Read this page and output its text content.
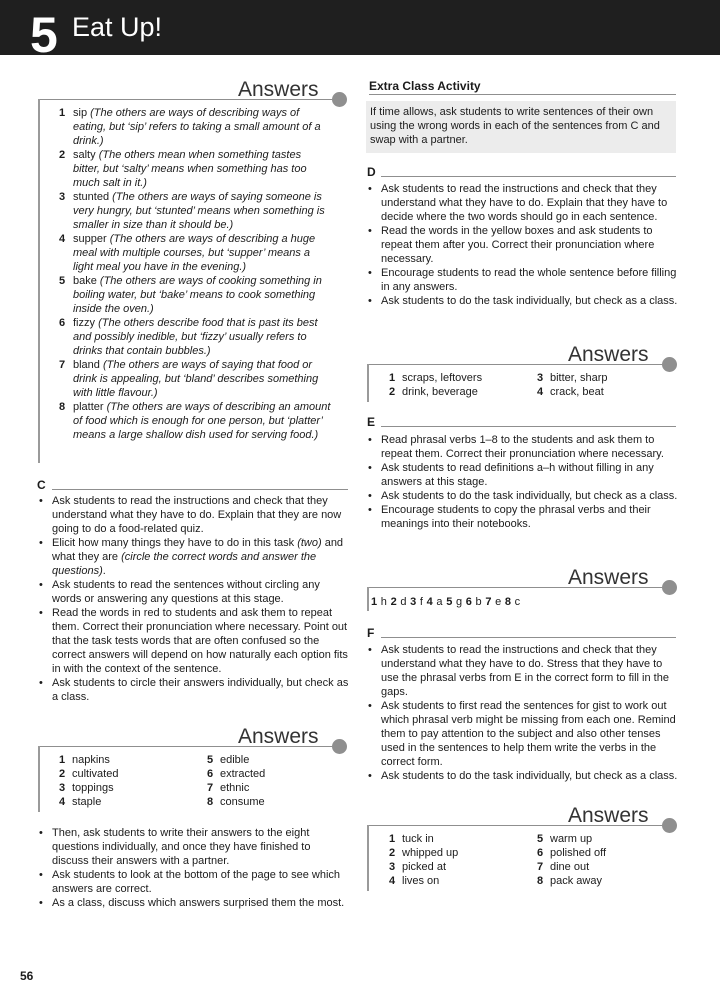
5 Eat Up!
Answers
1 sip (The others are ways of describing ways of eating, but ‘sip’ refers to taking a small amount of a drink.)
2 salty (The others mean when something tastes bitter, but ‘salty’ means when something has too much salt in it.)
3 stunted (The others are ways of saying someone is very hungry, but ‘stunted’ means when something is smaller in size than it should be.)
4 supper (The others are ways of describing a huge meal with multiple courses, but ‘supper’ means a light meal you have in the evening.)
5 bake (The others are ways of cooking something in boiling water, but ‘bake’ means to cook something inside the oven.)
6 fizzy (The others describe food that is past its best and possibly inedible, but ‘fizzy’ usually refers to drinks that contain bubbles.)
7 bland (The others are ways of saying that food or drink is appealing, but ‘bland’ describes something with little flavour.)
8 platter (The others are ways of describing an amount of food which is enough for one person, but ‘platter’ means a large shallow dish used for serving food.)
C
• Ask students to read the instructions and check that they understand what they have to do. Explain that they are now going to do a food-related quiz.
• Elicit how many things they have to do in this task (two) and what they are (circle the correct words and answer the questions).
• Ask students to read the sentences without circling any words or answering any questions at this stage.
• Read the words in red to students and ask them to repeat them. Correct their pronunciation where necessary. Point out that the task tests words that are often confused so the correct answers will depend on how naturally each option fits in with the context of the sentence.
• Ask students to circle their answers individually, but check as a class.
Answers
1 napkins	5 edible
2 cultivated	6 extracted
3 toppings	7 ethnic
4 staple	8 consume
• Then, ask students to write their answers to the eight questions individually, and once they have finished to discuss their answers with a partner.
• Ask students to look at the bottom of the page to see which answers are correct.
• As a class, discuss which answers surprised them the most.
Extra Class Activity
If time allows, ask students to write sentences of their own using the wrong words in each of the sentences from C and swap with a partner.
D
• Ask students to read the instructions and check that they understand what they have to do. Explain that they have to decide where the two words should go in each sentence.
• Read the words in the yellow boxes and ask students to repeat them after you. Correct their pronunciation where necessary.
• Encourage students to read the whole sentence before filling in any answers.
• Ask students to do the task individually, but check as a class.
Answers
1 scraps, leftovers	3 bitter, sharp
2 drink, beverage	4 crack, beat
E
• Read phrasal verbs 1–8 to the students and ask them to repeat them. Correct their pronunciation where necessary.
• Ask students to read definitions a–h without filling in any answers at this stage.
• Ask students to do the task individually, but check as a class.
• Encourage students to copy the phrasal verbs and their meanings into their notebooks.
Answers
1 h 2 d 3 f 4 a 5 g 6 b 7 e 8 c
F
• Ask students to read the instructions and check that they understand what they have to do. Stress that they have to use the phrasal verbs from E in the correct form to fill in the gaps.
• Ask students to first read the sentences for gist to work out which phrasal verb might be missing from each one. Remind them to pay attention to the subject and also other tenses used in the sentences to help them write the verbs in the correct form.
• Ask students to do the task individually, but check as a class.
Answers
1 tuck in	5 warm up
2 whipped up	6 polished off
3 picked at	7 dine out
4 lives on	8 pack away
56
